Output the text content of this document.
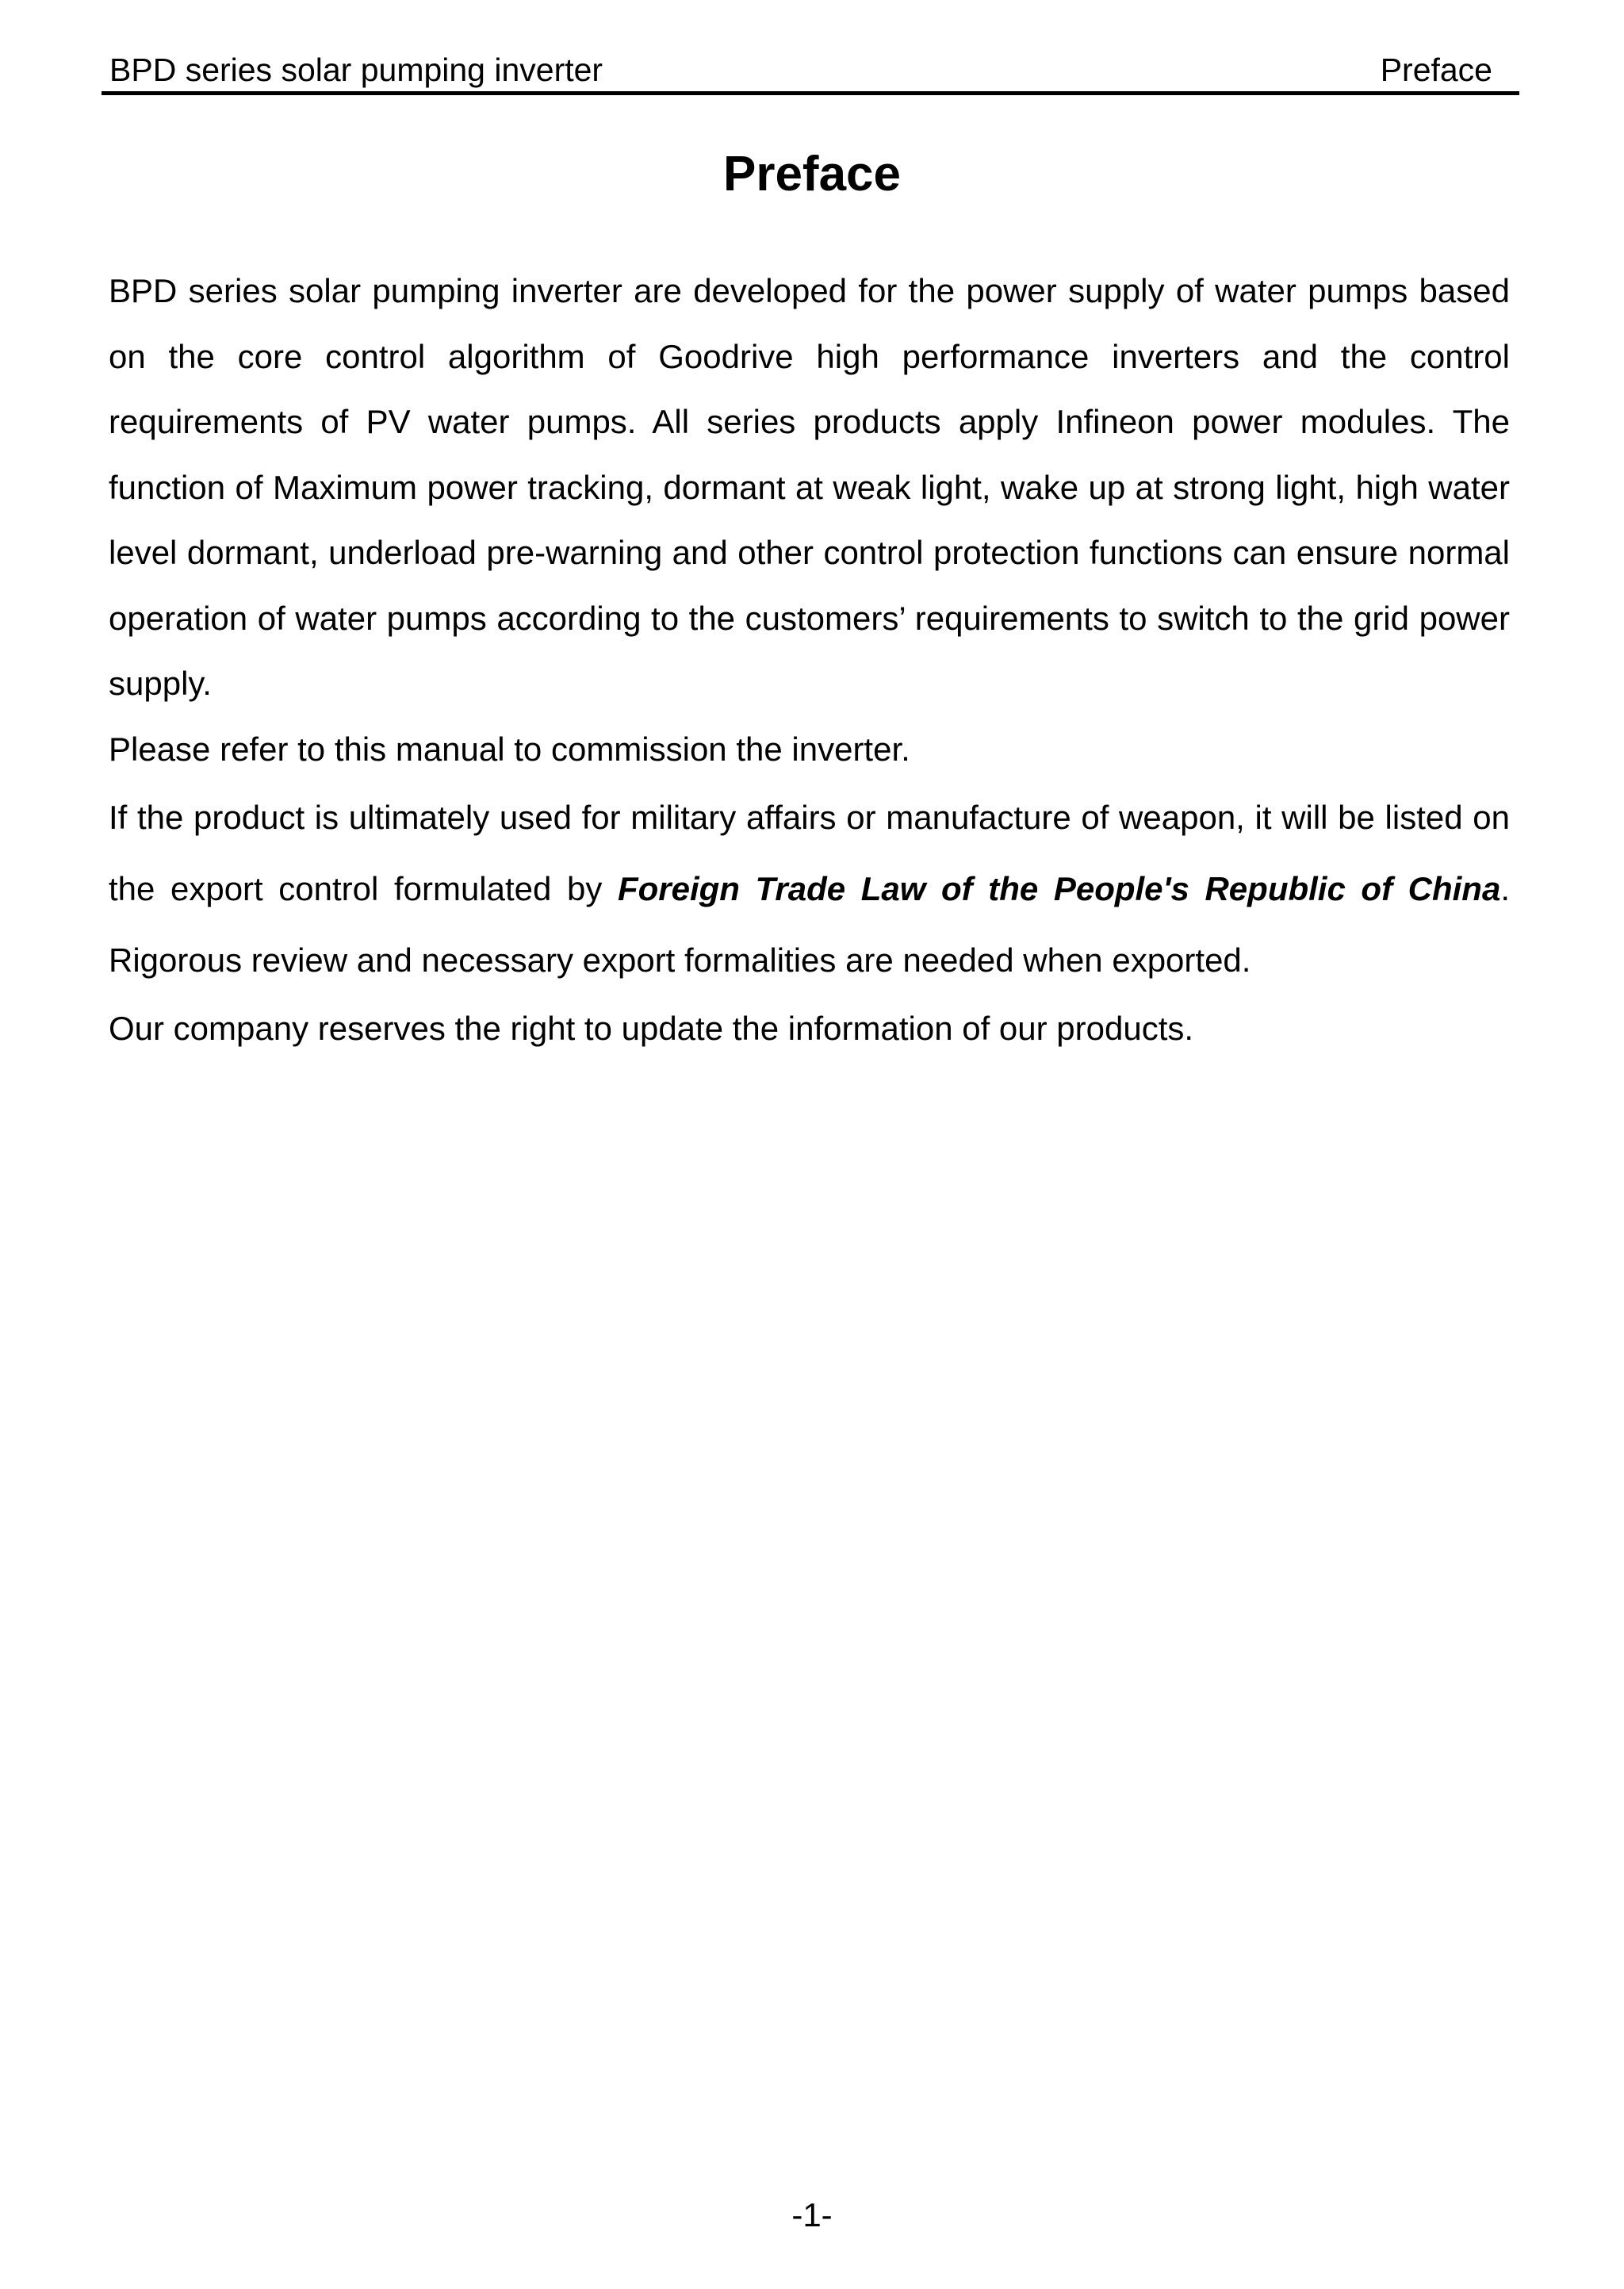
BPD series solar pumping inverter	Preface
Preface

BPD series solar pumping inverter are developed for the power supply of water pumps based on the core control algorithm of Goodrive high performance inverters and the control requirements of PV water pumps. All series products apply Infineon power modules. The function of Maximum power tracking, dormant at weak light, wake up at strong light, high water level dormant, underload pre-warning and other control protection functions can ensure normal operation of water pumps according to the customers’ requirements to switch to the grid power supply.

Please refer to this manual to commission the inverter.

If the product is ultimately used for military affairs or manufacture of weapon, it will be listed on the export control formulated by Foreign Trade Law of the People's Republic of China. Rigorous review and necessary export formalities are needed when exported.

Our company reserves the right to update the information of our products.

-1-
